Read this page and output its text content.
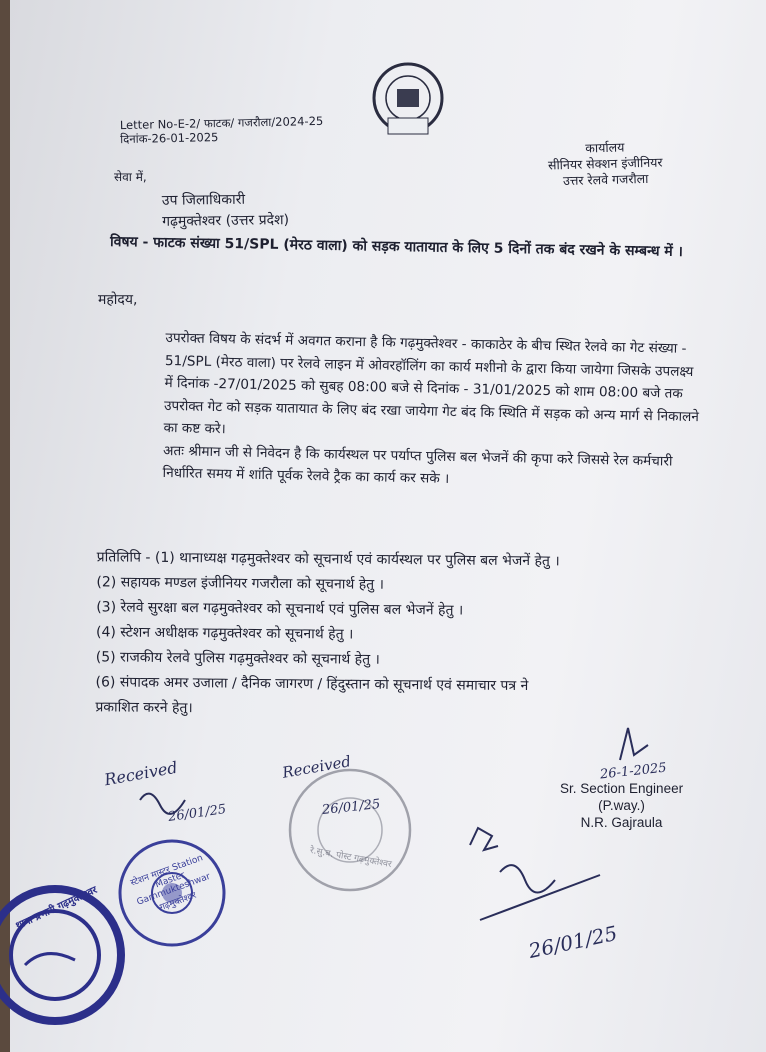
Letter No-E-2/ फाटक/ गजरौला/2024-25
दिनांक-26-01-2025
कार्यालय
सीनियर सेक्शन इंजीनियर
उत्तर रेलवे गजरौला
सेवा में,
उप जिलाधिकारी
गढ़मुक्तेश्वर (उत्तर प्रदेश)
विषय - फाटक संख्या 51/SPL (मेरठ वाला) को सड़क यातायात के लिए 5 दिनों तक बंद रखने के सम्बन्ध में ।
महोदय,

उपरोक्त विषय के संदर्भ में अवगत कराना है कि गढ़मुक्तेश्वर - काकाठेर के बीच स्थित रेलवे का गेट संख्या - 51/SPL (मेरठ वाला) पर रेलवे लाइन में ओवरहॉलिंग का कार्य मशीनो के द्वारा किया जायेगा जिसके उपलक्ष्य में दिनांक -27/01/2025 को सुबह 08:00 बजे से दिनांक - 31/01/2025 को शाम 08:00 बजे तक उपरोक्त गेट को सड़क यातायात के लिए बंद रखा जायेगा गेट बंद कि स्थिति में सड़क को अन्य मार्ग से निकालने का कष्ट करे।

अतः श्रीमान जी से निवेदन है कि कार्यस्थल पर पर्याप्त पुलिस बल भेजनें की कृपा करे जिससे रेल कर्मचारी निर्धारित समय में शांति पूर्वक रेलवे ट्रैक का कार्य कर सके ।

प्रतिलिपि - (1) थानाध्यक्ष गढ़मुक्तेश्वर को सूचनार्थ एवं कार्यस्थल पर पुलिस बल भेजनें हेतु ।
(2) सहायक मण्डल इंजीनियर गजरौला को सूचनार्थ हेतु ।
(3) रेलवे सुरक्षा बल गढ़मुक्तेश्वर को सूचनार्थ एवं पुलिस बल भेजनें हेतु ।
(4) स्टेशन अधीक्षक गढ़मुक्तेश्वर को सूचनार्थ हेतु ।
(5) राजकीय रेलवे पुलिस गढ़मुक्तेश्वर को सूचनार्थ हेतु ।
(6) संपादक अमर उजाला / दैनिक जागरण / हिंदुस्तान को सूचनार्थ एवं समाचार पत्र ने
प्रकाशित करने हेतु।
26-1-2025
Sr. Section Engineer
(P.way.)
N.R. Gajraula
Received
26/01/25
Received
26/01/25
26/01/25
स्टेशन मास्टर Station Master Garhmukteshwar गढ़मुक्तेश्वर
रे.सु.ब. पोस्ट गढ़मुक्तेश्वर
थाना प्रभारी गढ़मुक्तेश्वर
